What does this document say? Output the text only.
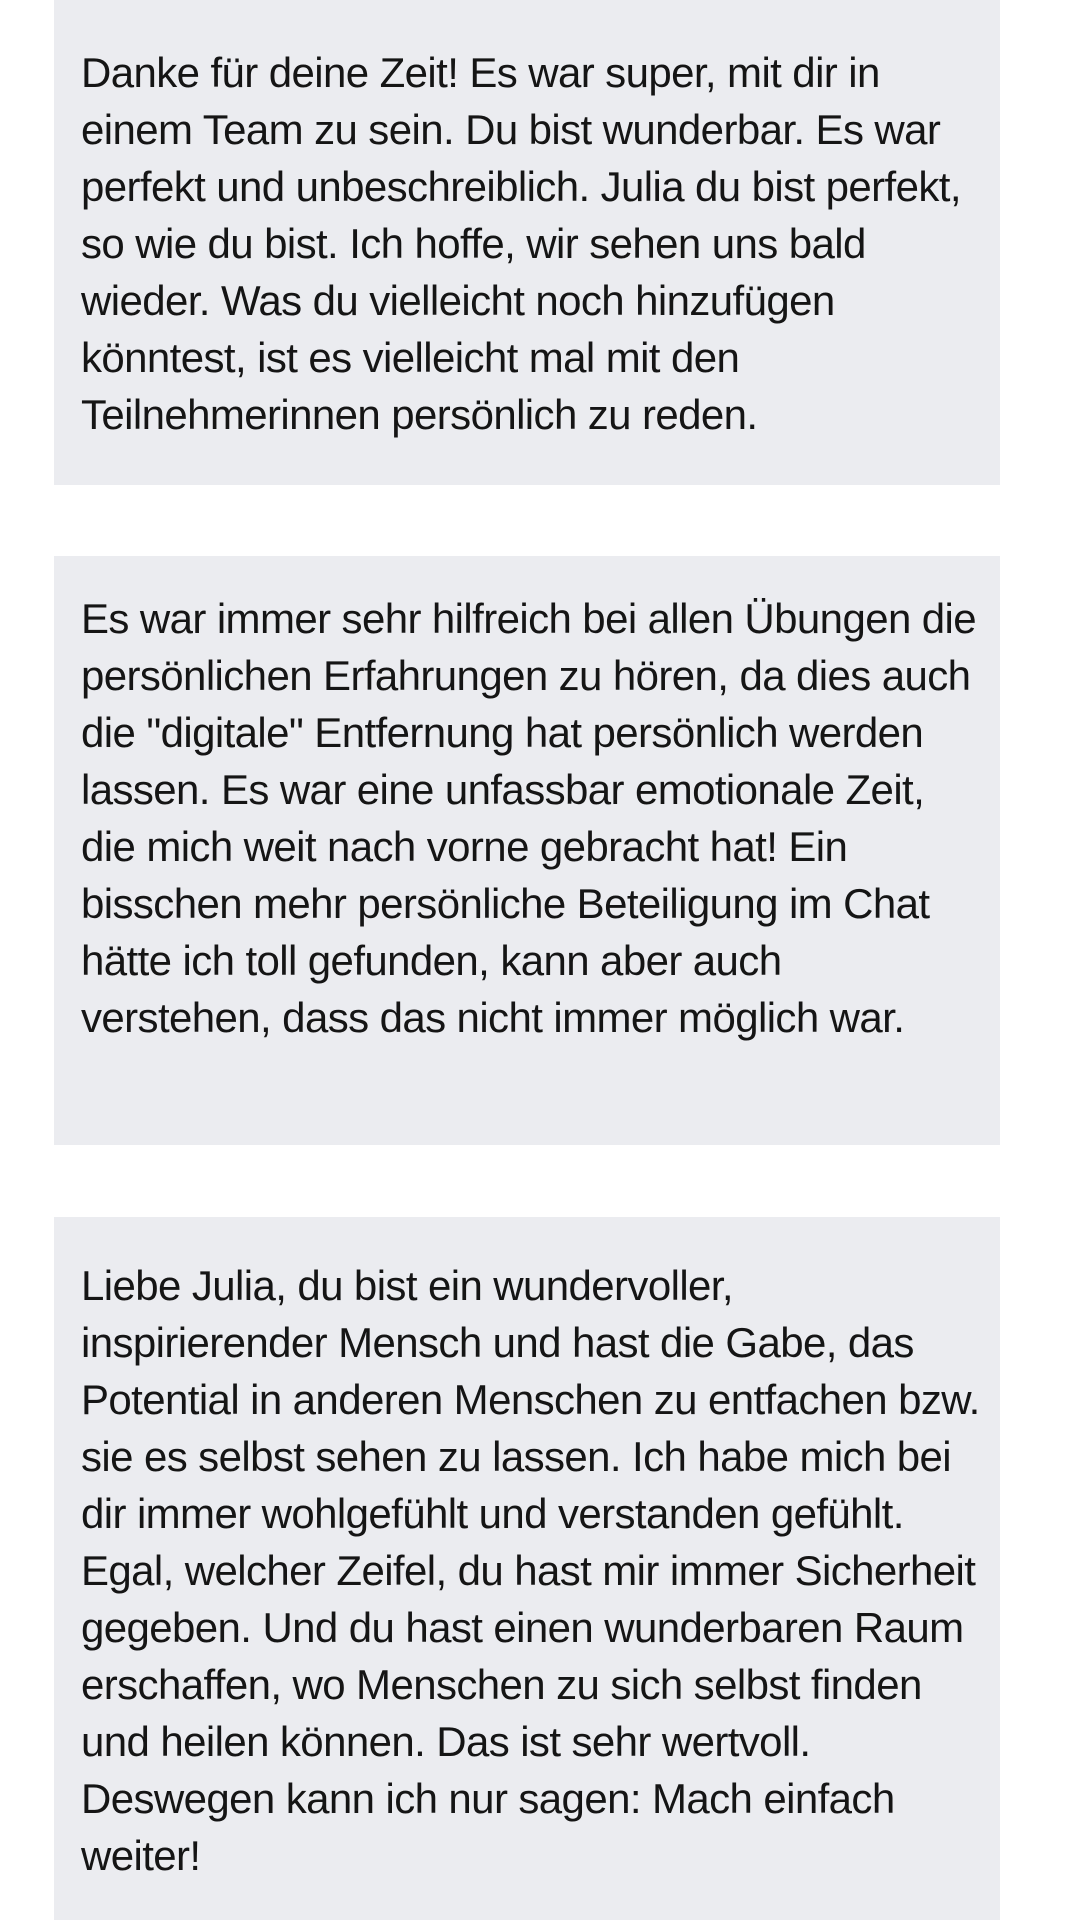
Danke für deine Zeit! Es war super, mit dir in einem Team zu sein. Du bist wunderbar. Es war perfekt und unbeschreiblich. Julia du bist perfekt, so wie du bist. Ich hoffe, wir sehen uns bald wieder. Was du vielleicht noch hinzufügen könntest, ist es vielleicht mal mit den Teilnehmerinnen persönlich zu reden.

Es war immer sehr hilfreich bei allen Übungen die persönlichen Erfahrungen zu hören, da dies auch die "digitale" Entfernung hat persönlich werden lassen. Es war eine unfassbar emotionale Zeit, die mich weit nach vorne gebracht hat! Ein bisschen mehr persönliche Beteiligung im Chat hätte ich toll gefunden, kann aber auch verstehen, dass das nicht immer möglich war.

Liebe Julia, du bist ein wundervoller, inspirierender Mensch und hast die Gabe, das Potential in anderen Menschen zu entfachen bzw. sie es selbst sehen zu lassen. Ich habe mich bei dir immer wohlgefühlt und verstanden gefühlt. Egal, welcher Zeifel, du hast mir immer Sicherheit gegeben. Und du hast einen wunderbaren Raum erschaffen, wo Menschen zu sich selbst finden und heilen können. Das ist sehr wertvoll. Deswegen kann ich nur sagen: Mach einfach weiter!
